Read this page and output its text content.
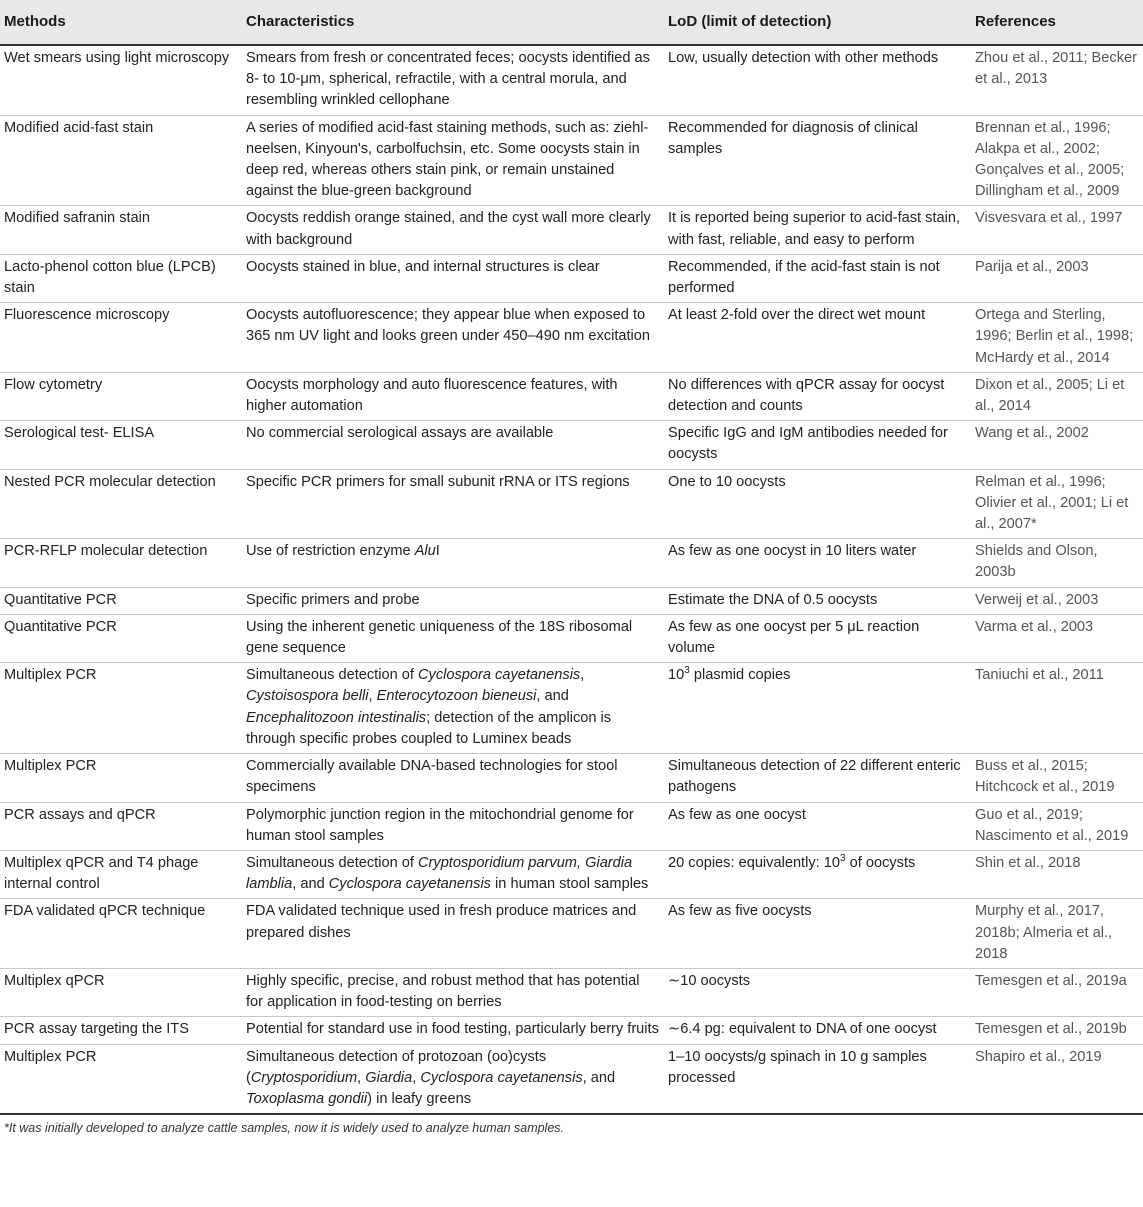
Methods	Characteristics	LoD (limit of detection)	References
Wet smears using light microscopy	Smears from fresh or concentrated feces; oocysts identified as 8- to 10-μm, spherical, refractile, with a central morula, and resembling wrinkled cellophane	Low, usually detection with other methods	Zhou et al., 2011; Becker et al., 2013
Modified acid-fast stain	A series of modified acid-fast staining methods, such as: ziehl-neelsen, Kinyoun's, carbolfuchsin, etc. Some oocysts stain in deep red, whereas others stain pink, or remain unstained against the blue-green background	Recommended for diagnosis of clinical samples	Brennan et al., 1996; Alakpa et al., 2002; Gonçalves et al., 2005; Dillingham et al., 2009
Modified safranin stain	Oocysts reddish orange stained, and the cyst wall more clearly with background	It is reported being superior to acid-fast stain, with fast, reliable, and easy to perform	Visvesvara et al., 1997
Lacto-phenol cotton blue (LPCB) stain	Oocysts stained in blue, and internal structures is clear	Recommended, if the acid-fast stain is not performed	Parija et al., 2003
Fluorescence microscopy	Oocysts autofluorescence; they appear blue when exposed to 365 nm UV light and looks green under 450–490 nm excitation	At least 2-fold over the direct wet mount	Ortega and Sterling, 1996; Berlin et al., 1998; McHardy et al., 2014
Flow cytometry	Oocysts morphology and auto fluorescence features, with higher automation	No differences with qPCR assay for oocyst detection and counts	Dixon et al., 2005; Li et al., 2014
Serological test- ELISA	No commercial serological assays are available	Specific IgG and IgM antibodies needed for oocysts	Wang et al., 2002
Nested PCR molecular detection	Specific PCR primers for small subunit rRNA or ITS regions	One to 10 oocysts	Relman et al., 1996; Olivier et al., 2001; Li et al., 2007*
PCR-RFLP molecular detection	Use of restriction enzyme AluI	As few as one oocyst in 10 liters water	Shields and Olson, 2003b
Quantitative PCR	Specific primers and probe	Estimate the DNA of 0.5 oocysts	Verweij et al., 2003
Quantitative PCR	Using the inherent genetic uniqueness of the 18S ribosomal gene sequence	As few as one oocyst per 5 μL reaction volume	Varma et al., 2003
Multiplex PCR	Simultaneous detection of Cyclospora cayetanensis, Cystoisospora belli, Enterocytozoon bieneusi, and Encephalitozoon intestinalis; detection of the amplicon is through specific probes coupled to Luminex beads	$10^3$ plasmid copies	Taniuchi et al., 2011
Multiplex PCR	Commercially available DNA-based technologies for stool specimens	Simultaneous detection of 22 different enteric pathogens	Buss et al., 2015; Hitchcock et al., 2019
PCR assays and qPCR	Polymorphic junction region in the mitochondrial genome for human stool samples	As few as one oocyst	Guo et al., 2019; Nascimento et al., 2019
Multiplex qPCR and T4 phage internal control	Simultaneous detection of Cryptosporidium parvum, Giardia lamblia, and Cyclospora cayetanensis in human stool samples	20 copies: equivalently: $10^3$ of oocysts	Shin et al., 2018
FDA validated qPCR technique	FDA validated technique used in fresh produce matrices and prepared dishes	As few as five oocysts	Murphy et al., 2017, 2018b; Almeria et al., 2018
Multiplex qPCR	Highly specific, precise, and robust method that has potential for application in food-testing on berries	∼10 oocysts	Temesgen et al., 2019a
PCR assay targeting the ITS	Potential for standard use in food testing, particularly berry fruits	∼6.4 pg: equivalent to DNA of one oocyst	Temesgen et al., 2019b
Multiplex PCR	Simultaneous detection of protozoan (oo)cysts (Cryptosporidium, Giardia, Cyclospora cayetanensis, and Toxoplasma gondii) in leafy greens	1–10 oocysts/g spinach in 10 g samples processed	Shapiro et al., 2019
*It was initially developed to analyze cattle samples, now it is widely used to analyze human samples.
